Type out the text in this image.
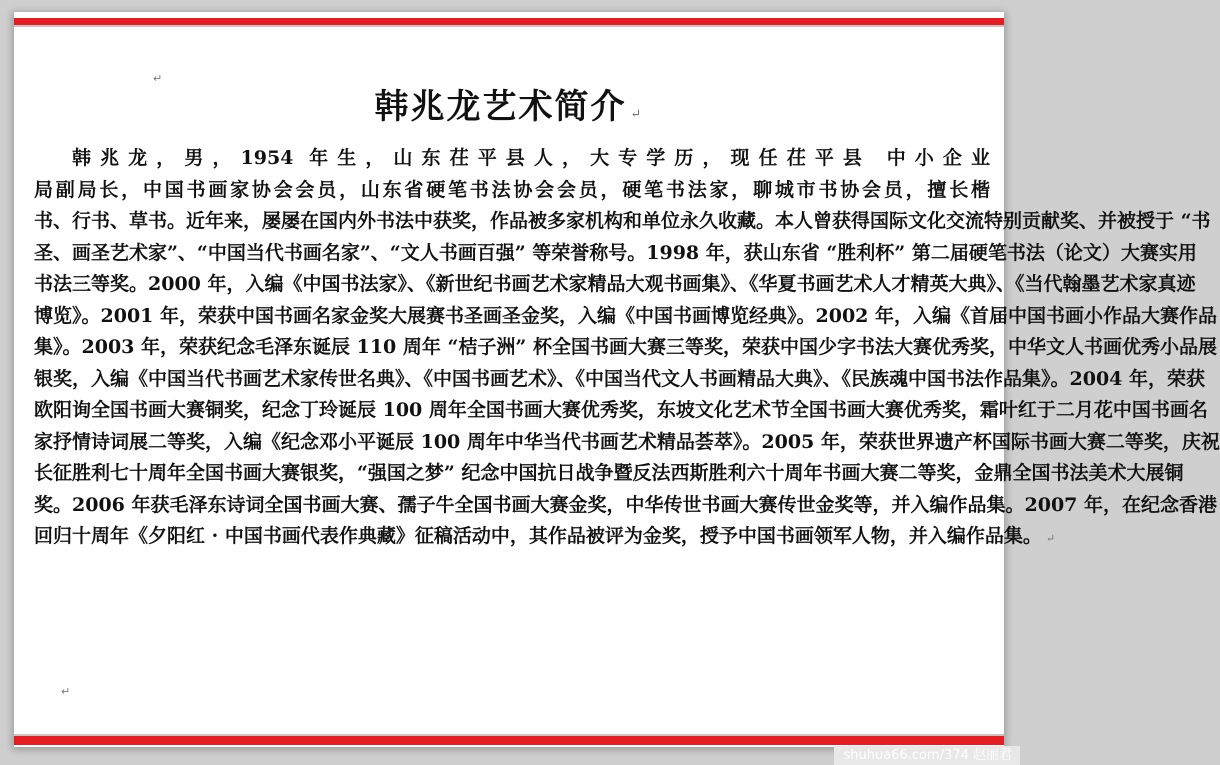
↵
韩兆龙艺术简介 ↵
韩兆龙，男，1954 年生，山东茌平县人，大专学历，现任茌平县 中小企业
局副局长，中国书画家协会会员，山东省硬笔书法协会会员，硬笔书法家，聊城市书协会员，擅长楷
书、行书、草书。近年来，屡屡在国内外书法中获奖，作品被多家机构和单位永久收藏。本人曾获得国际文化交流特别贡献奖、并被授于 “书
圣、画圣艺术家”、“中国当代书画名家”、“文人书画百强” 等荣誉称号。1998 年，获山东省 “胜利杯” 第二届硬笔书法（论文）大赛实用
书法三等奖。2000 年，入编《中国书法家》、《新世纪书画艺术家精品大观书画集》、《华夏书画艺术人才精英大典》、《当代翰墨艺术家真迹
博览》。2001 年，荣获中国书画名家金奖大展赛书圣画圣金奖，入编《中国书画博览经典》。2002 年，入编《首届中国书画小作品大赛作品
集》。2003 年，荣获纪念毛泽东诞辰 110 周年 “桔子洲” 杯全国书画大赛三等奖，荣获中国少字书法大赛优秀奖，中华文人书画优秀小品展
银奖，入编《中国当代书画艺术家传世名典》、《中国书画艺术》、《中国当代文人书画精品大典》、《民族魂中国书法作品集》。2004 年，荣获
欧阳询全国书画大赛铜奖，纪念丁玲诞辰 100 周年全国书画大赛优秀奖，东坡文化艺术节全国书画大赛优秀奖，霜叶红于二月花中国书画名
家抒情诗词展二等奖，入编《纪念邓小平诞辰 100 周年中华当代书画艺术精品荟萃》。2005 年，荣获世界遗产杯国际书画大赛二等奖，庆祝
长征胜利七十周年全国书画大赛银奖，“强国之梦” 纪念中国抗日战争暨反法西斯胜利六十周年书画大赛二等奖，金鼎全国书法美术大展铜
奖。2006 年获毛泽东诗词全国书画大赛、孺子牛全国书画大赛金奖，中华传世书画大赛传世金奖等，并入编作品集。2007 年，在纪念香港
回归十周年《夕阳红 · 中国书画代表作典藏》征稿活动中，其作品被评为金奖，授予中国书画领军人物，并入编作品集。 ↵
↵
shuhua66.com/374 赵丽君
